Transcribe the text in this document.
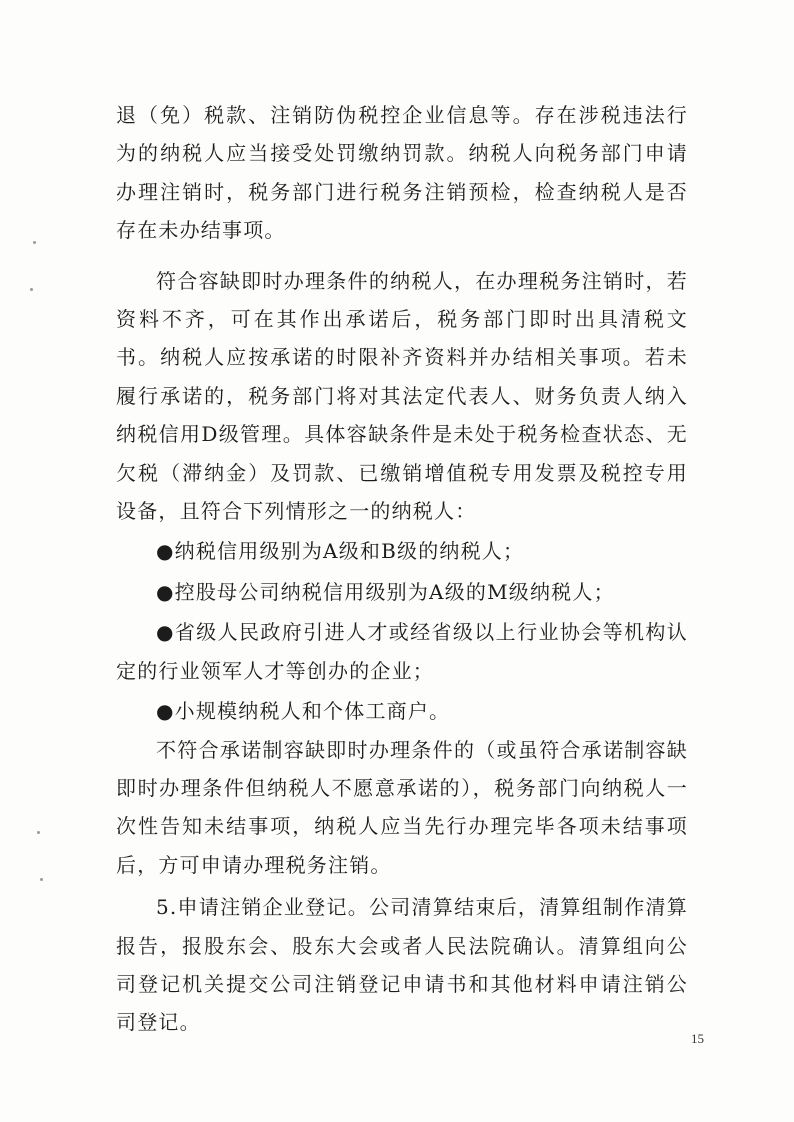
退（免）税款、注销防伪税控企业信息等。存在涉税违法行为的纳税人应当接受处罚缴纳罚款。纳税人向税务部门申请办理注销时，税务部门进行税务注销预检，检查纳税人是否存在未办结事项。

符合容缺即时办理条件的纳税人，在办理税务注销时，若资料不齐，可在其作出承诺后，税务部门即时出具清税文书。纳税人应按承诺的时限补齐资料并办结相关事项。若未履行承诺的，税务部门将对其法定代表人、财务负责人纳入纳税信用D级管理。具体容缺条件是未处于税务检查状态、无欠税（滞纳金）及罚款、已缴销增值税专用发票及税控专用设备，且符合下列情形之一的纳税人：

●纳税信用级别为A级和B级的纳税人；

●控股母公司纳税信用级别为A级的M级纳税人；

●省级人民政府引进人才或经省级以上行业协会等机构认定的行业领军人才等创办的企业；

●小规模纳税人和个体工商户。

不符合承诺制容缺即时办理条件的（或虽符合承诺制容缺即时办理条件但纳税人不愿意承诺的），税务部门向纳税人一次性告知未结事项，纳税人应当先行办理完毕各项未结事项后，方可申请办理税务注销。

5.申请注销企业登记。公司清算结束后，清算组制作清算报告，报股东会、股东大会或者人民法院确认。清算组向公司登记机关提交公司注销登记申请书和其他材料申请注销公司登记。

15
